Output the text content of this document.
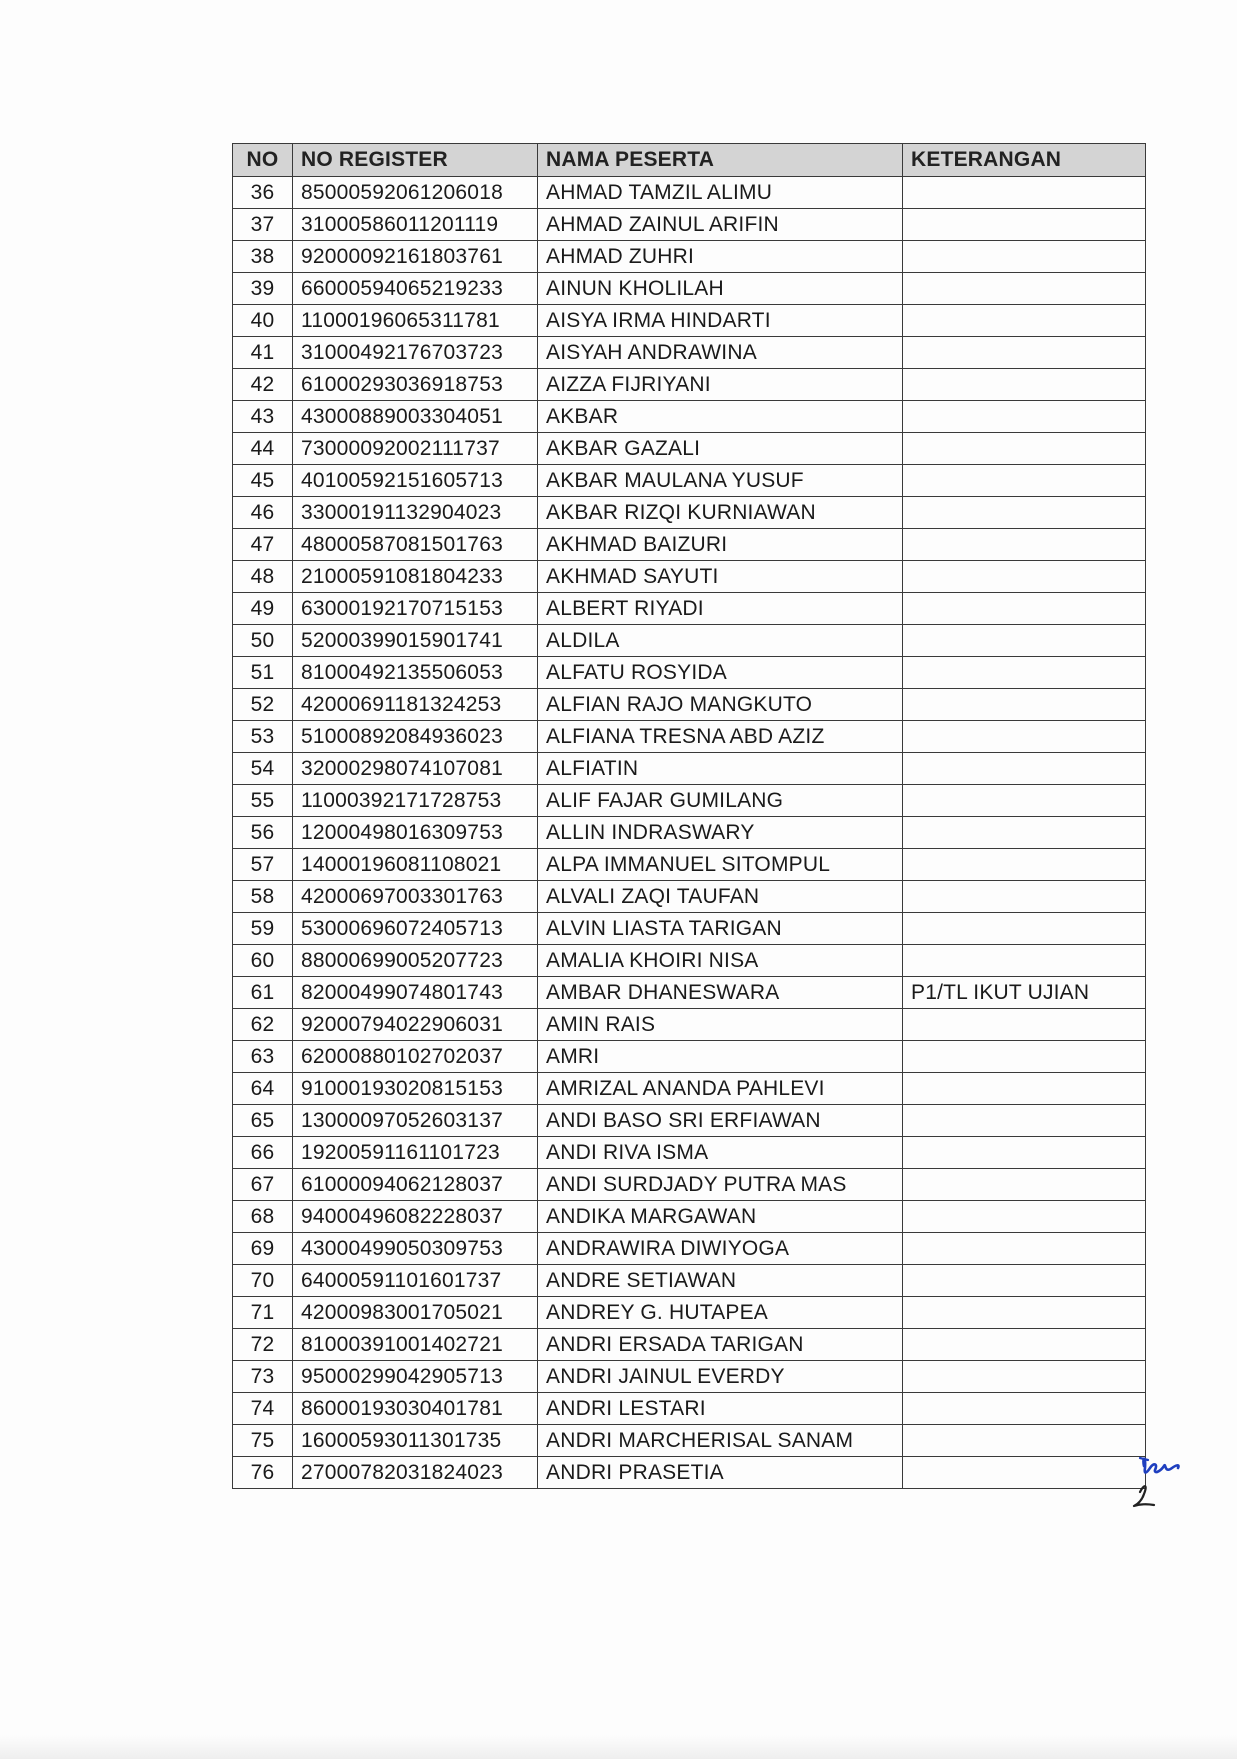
NO	NO REGISTER	NAMA PESERTA	KETERANGAN
36	85000592061206018	AHMAD TAMZIL ALIMU	
37	31000586011201119	AHMAD ZAINUL ARIFIN	
38	92000092161803761	AHMAD ZUHRI	
39	66000594065219233	AINUN KHOLILAH	
40	11000196065311781	AISYA IRMA HINDARTI	
41	31000492176703723	AISYAH ANDRAWINA	
42	61000293036918753	AIZZA FIJRIYANI	
43	43000889003304051	AKBAR	
44	73000092002111737	AKBAR GAZALI	
45	40100592151605713	AKBAR MAULANA YUSUF	
46	33000191132904023	AKBAR RIZQI KURNIAWAN	
47	48000587081501763	AKHMAD BAIZURI	
48	21000591081804233	AKHMAD SAYUTI	
49	63000192170715153	ALBERT RIYADI	
50	52000399015901741	ALDILA	
51	81000492135506053	ALFATU ROSYIDA	
52	42000691181324253	ALFIAN RAJO MANGKUTO	
53	51000892084936023	ALFIANA TRESNA ABD AZIZ	
54	32000298074107081	ALFIATIN	
55	11000392171728753	ALIF FAJAR GUMILANG	
56	12000498016309753	ALLIN INDRASWARY	
57	14000196081108021	ALPA IMMANUEL SITOMPUL	
58	42000697003301763	ALVALI ZAQI TAUFAN	
59	53000696072405713	ALVIN LIASTA TARIGAN	
60	88000699005207723	AMALIA KHOIRI NISA	
61	82000499074801743	AMBAR DHANESWARA	P1/TL IKUT UJIAN
62	92000794022906031	AMIN RAIS	
63	62000880102702037	AMRI	
64	91000193020815153	AMRIZAL ANANDA PAHLEVI	
65	13000097052603137	ANDI BASO SRI ERFIAWAN	
66	19200591161101723	ANDI RIVA ISMA	
67	61000094062128037	ANDI SURDJADY PUTRA MAS	
68	94000496082228037	ANDIKA MARGAWAN	
69	43000499050309753	ANDRAWIRA DIWIYOGA	
70	64000591101601737	ANDRE SETIAWAN	
71	42000983001705021	ANDREY G. HUTAPEA	
72	81000391001402721	ANDRI ERSADA TARIGAN	
73	95000299042905713	ANDRI JAINUL EVERDY	
74	86000193030401781	ANDRI LESTARI	
75	16000593011301735	ANDRI MARCHERISAL SANAM	
76	27000782031824023	ANDRI PRASETIA	
